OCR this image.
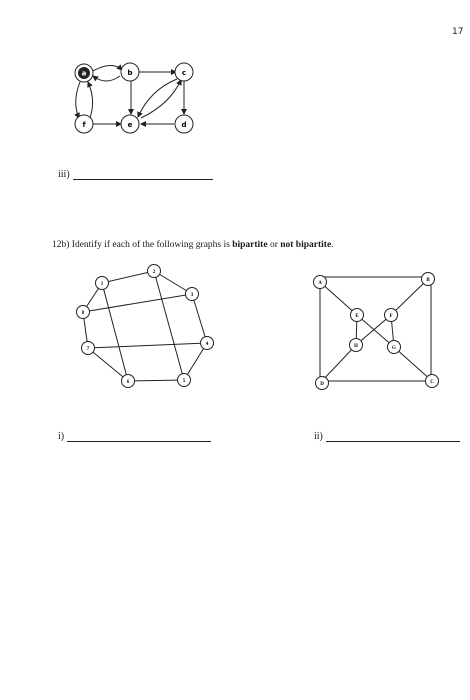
17
a	b	c
f	e	d
1
2
3
4
5
6
7
8
A
B
C
D
E	F
G
H
iii)
12b) Identify if each of the following graphs is bipartite or not bipartite.
i)	ii)
